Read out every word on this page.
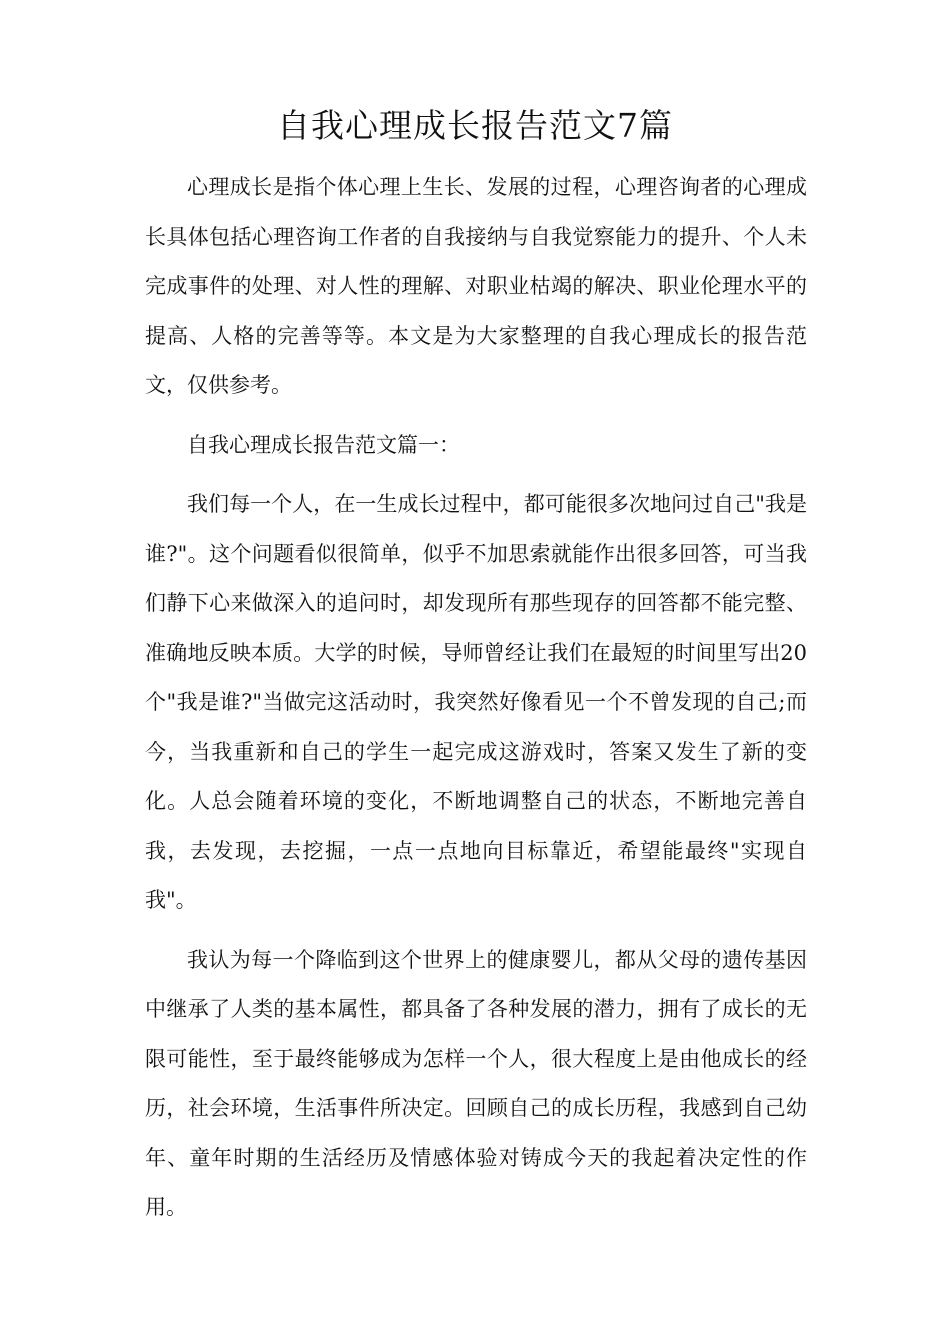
自我心理成长报告范文7篇

心理成长是指个体心理上生长、发展的过程，心理咨询者的心理成长具体包括心理咨询工作者的自我接纳与自我觉察能力的提升、个人未完成事件的处理、对人性的理解、对职业枯竭的解决、职业伦理水平的提高、人格的完善等等。本文是为大家整理的自我心理成长的报告范文，仅供参考。

自我心理成长报告范文篇一：

我们每一个人，在一生成长过程中，都可能很多次地问过自己"我是谁?"。这个问题看似很简单，似乎不加思索就能作出很多回答，可当我们静下心来做深入的追问时，却发现所有那些现存的回答都不能完整、准确地反映本质。大学的时候，导师曾经让我们在最短的时间里写出20个"我是谁?"当做完这活动时，我突然好像看见一个不曾发现的自己;而今，当我重新和自己的学生一起完成这游戏时，答案又发生了新的变化。人总会随着环境的变化，不断地调整自己的状态，不断地完善自我，去发现，去挖掘，一点一点地向目标靠近，希望能最终"实现自我"。

我认为每一个降临到这个世界上的健康婴儿，都从父母的遗传基因中继承了人类的基本属性，都具备了各种发展的潜力，拥有了成长的无限可能性，至于最终能够成为怎样一个人，很大程度上是由他成长的经历，社会环境，生活事件所决定。回顾自己的成长历程，我感到自己幼年、童年时期的生活经历及情感体验对铸成今天的我起着决定性的作用。
